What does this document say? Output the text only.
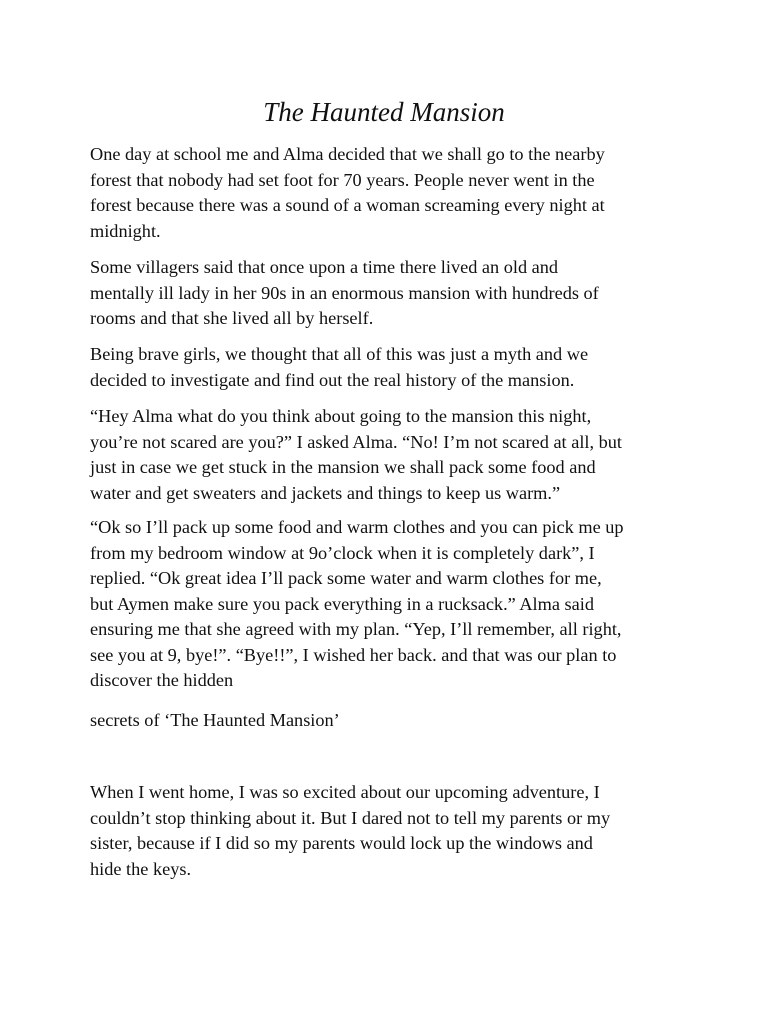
The Haunted Mansion

One day at school me and Alma decided that we shall go to the nearby
forest that nobody had set foot for 70 years. People never went in the
forest because there was a sound of a woman screaming every night at
midnight.

Some villagers said that once upon a time there lived an old and
mentally ill lady in her 90s in an enormous mansion with hundreds of
rooms and that she lived all by herself.

Being brave girls, we thought that all of this was just a myth and we
decided to investigate and find out the real history of the mansion.

“Hey Alma what do you think about going to the mansion this night,
you’re not scared are you?” I asked Alma. “No! I’m not scared at all, but
just in case we get stuck in the mansion we shall pack some food and
water and get sweaters and jackets and things to keep us warm.”

“Ok so I’ll pack up some food and warm clothes and you can pick me up
from my bedroom window at 9o’clock when it is completely dark”, I
replied. “Ok great idea I’ll pack some water and warm clothes for me,
but Aymen make sure you pack everything in a rucksack.” Alma said
ensuring me that she agreed with my plan. “Yep, I’ll remember, all right,
see you at 9, bye!”. “Bye!!”, I wished her back. and that was our plan to
discover the hidden

secrets of ‘The Haunted Mansion’

When I went home, I was so excited about our upcoming adventure, I
couldn’t stop thinking about it. But I dared not to tell my parents or my
sister, because if I did so my parents would lock up the windows and
hide the keys.
